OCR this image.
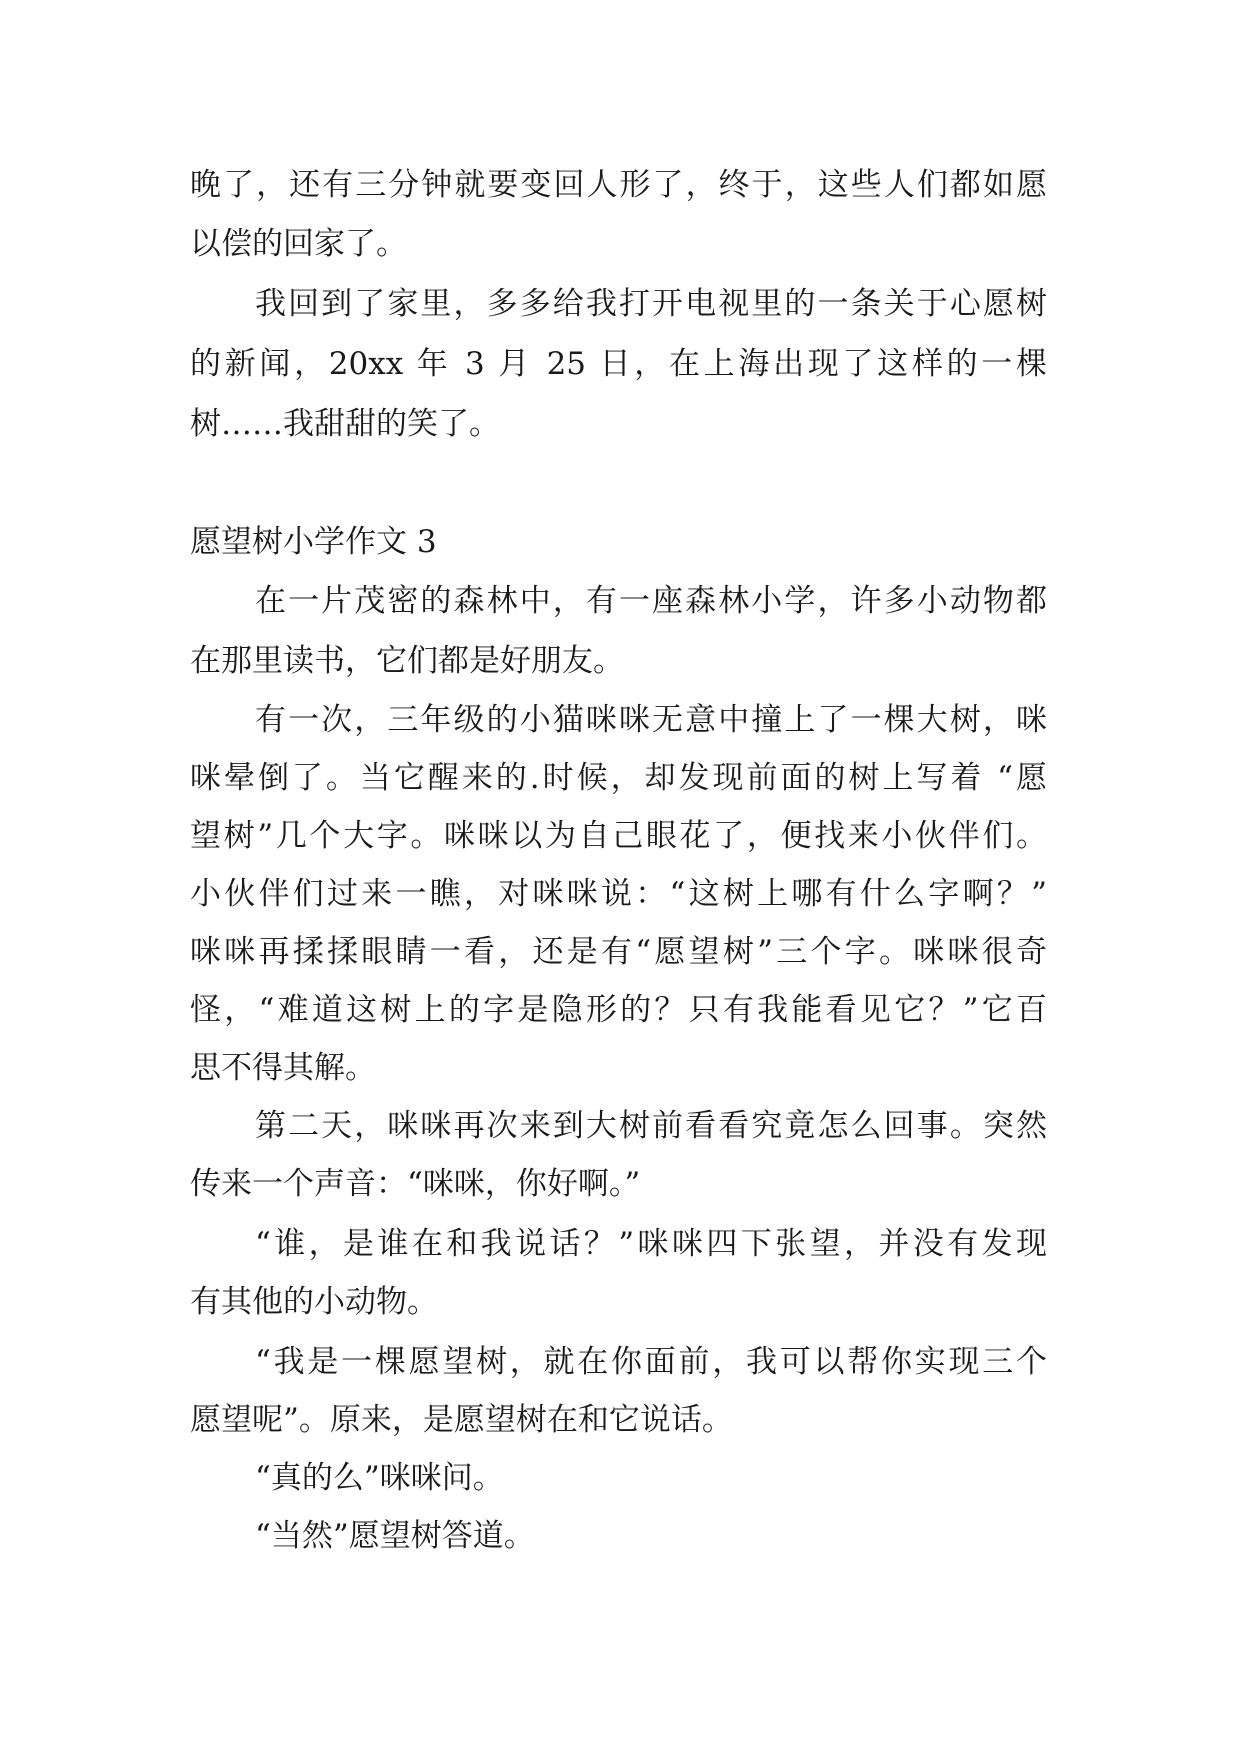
晚了，还有三分钟就要变回人形了，终于，这些人们都如愿
以偿的回家了。
我回到了家里，多多给我打开电视里的一条关于心愿树
的新闻，20xx 年 3 月 25 日，在上海出现了这样的一棵
树……我甜甜的笑了。
愿望树小学作文 3
在一片茂密的森林中，有一座森林小学，许多小动物都
在那里读书，它们都是好朋友。
有一次，三年级的小猫咪咪无意中撞上了一棵大树，咪
咪晕倒了。当它醒来的.时候，却发现前面的树上写着 “愿
望树”几个大字。咪咪以为自己眼花了，便找来小伙伴们。
小伙伴们过来一瞧，对咪咪说：“这树上哪有什么字啊？”
咪咪再揉揉眼睛一看，还是有“愿望树”三个字。咪咪很奇
怪，“难道这树上的字是隐形的？只有我能看见它？”它百
思不得其解。
第二天，咪咪再次来到大树前看看究竟怎么回事。突然
传来一个声音：“咪咪，你好啊。”
“谁，是谁在和我说话？”咪咪四下张望，并没有发现
有其他的小动物。
“我是一棵愿望树，就在你面前，我可以帮你实现三个
愿望呢”。原来，是愿望树在和它说话。
“真的么”咪咪问。
“当然”愿望树答道。
